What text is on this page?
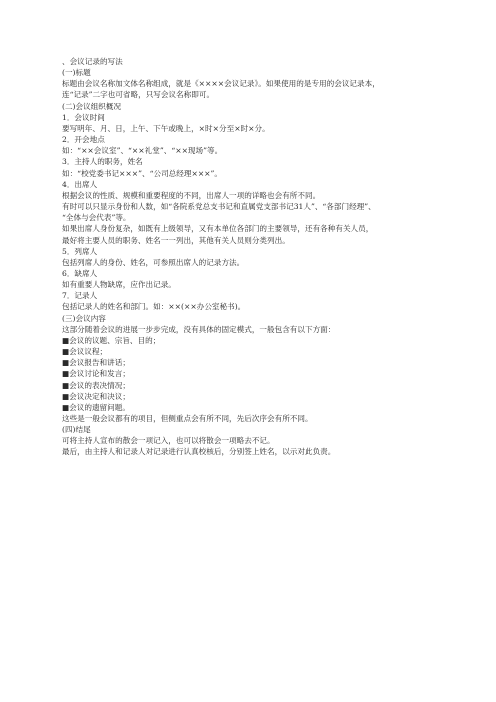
、会议记录的写法
(一)标题
标题由会议名称加文体名称组成，就是《××××会议记录》。如果使用的是专用的会议记录本，
连“记录”二字也可省略，只写会议名称即可。
(二)会议组织概况
1．会议时间
要写明年、月、日，上午、下午或晚上，×时×分至×时×分。
2．开会地点
如：“××会议室”、“××礼堂”、“××现场”等。
3．主持人的职务，姓名
如：“校党委书记×××”、“公司总经理×××”。
4．出席人
根据会议的性质、规模和重要程度的不同，出席人一项的详略也会有所不同。
有时可以只显示身份和人数，如“各院系党总支书记和直属党支部书记31人”、“各部门经理”、
“全体与会代表”等。
如果出席人身份复杂，如既有上级领导，又有本单位各部门的主要领导，还有各种有关人员，
最好将主要人员的职务、姓名一一列出，其他有关人员则分类列出。
5．列席人
包括列席人的身份、姓名，可参照出席人的记录方法。
6．缺席人
如有重要人物缺席，应作出记录。
7．记录人
包括记录人的姓名和部门。如：××(××办公室秘书)。
(三)会议内容
这部分随着会议的进展一步步完成，没有具体的固定模式，一般包含有以下方面：
■会议的议题、宗旨、目的；
■会议议程；
■会议报告和讲话；
■会议讨论和发言；
■会议的表决情况；
■会议决定和决议；
■会议的遗留问题。
这些是一般会议都有的项目，但侧重点会有所不同，先后次序会有所不同。
(四)结尾
可将主持人宣布的散会一项记入，也可以将散会一项略去不记。
最后，由主持人和记录人对记录进行认真校核后，分别签上姓名，以示对此负责。
